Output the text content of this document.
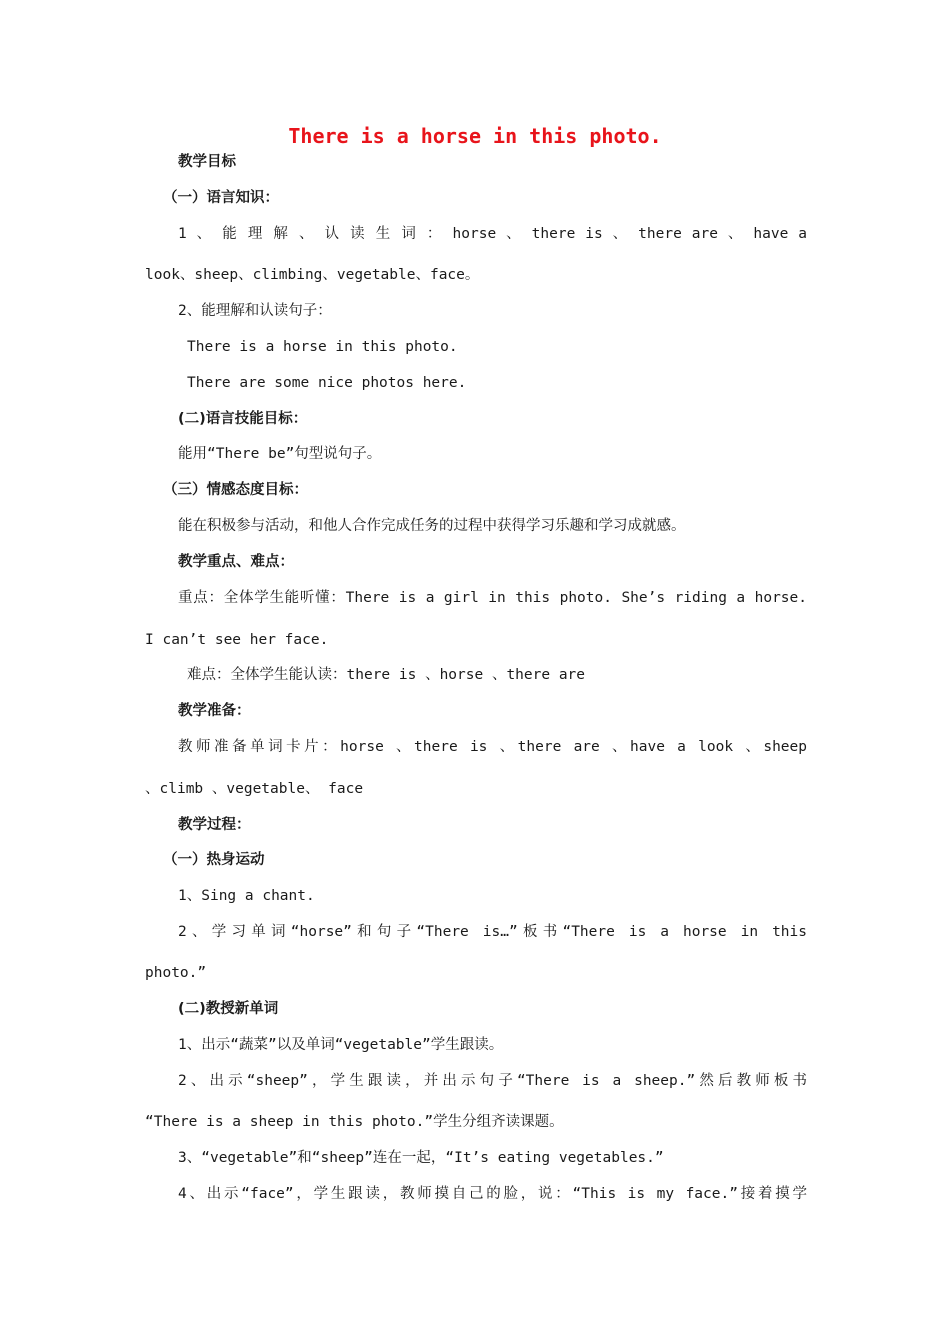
There is a horse in this photo.
教学目标
（一）语言知识：
1 、 能 理 解 、 认 读 生 词 ： horse 、 there is 、 there are 、 have a
look、sheep、climbing、vegetable、face。
2、能理解和认读句子：
There is a horse in this photo.
There are some nice photos here.
(二)语言技能目标：
能用“There be”句型说句子。
（三）情感态度目标：
能在积极参与活动，和他人合作完成任务的过程中获得学习乐趣和学习成就感。
教学重点、难点：
重点：全体学生能听懂：There is a girl in this photo. She’s riding a horse.
I can’t see her face.
难点：全体学生能认读：there is 、horse 、there are
教学准备：
教师准备单词卡片：horse 、there is 、there are 、have a look 、sheep
、climb 、vegetable、 face
教学过程：
（一）热身运动
1、Sing a chant.
2、学习单词“horse”和句子“There is…”板书“There is a horse in this
photo.”
(二)教授新单词
1、出示“蔬菜”以及单词“vegetable”学生跟读。
2、出示“sheep”，学生跟读，并出示句子“There is a sheep.”然后教师板书
“There is a sheep in this photo.”学生分组齐读课题。
3、“vegetable”和“sheep”连在一起，“It’s eating vegetables.”
4、出示“face”，学生跟读，教师摸自己的脸，说：“This is my face.”接着摸学
